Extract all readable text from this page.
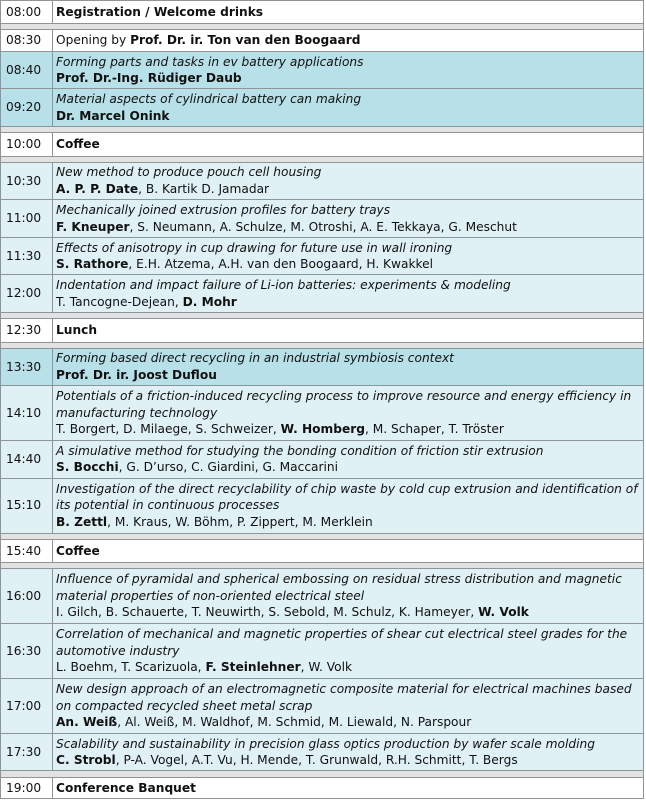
08:00	Registration / Welcome drinks

08:30	Opening by Prof. Dr. ir. Ton van den Boogaard
08:40	Forming parts and tasks in ev battery applications
Prof. Dr.-Ing. Rüdiger Daub

09:20	Material aspects of cylindrical battery can making
Dr. Marcel Onink

10:00	Coffee

10:30	New method to produce pouch cell housing
A. P. P. Date, B. Kartik D. Jamadar

11:00	Mechanically joined extrusion profiles for battery trays
F. Kneuper, S. Neumann, A. Schulze, M. Otroshi, A. E. Tekkaya, G. Meschut

11:30	Effects of anisotropy in cup drawing for future use in wall ironing
S. Rathore, E.H. Atzema, A.H. van den Boogaard, H. Kwakkel

12:00	Indentation and impact failure of Li-ion batteries: experiments & modeling
T. Tancogne-Dejean, D. Mohr

12:30	Lunch

13:30	Forming based direct recycling in an industrial symbiosis context
Prof. Dr. ir. Joost Duflou

14:10	Potentials of a friction-induced recycling process to improve resource and energy efficiency in manufacturing technology
T. Borgert, D. Milaege, S. Schweizer, W. Homberg, M. Schaper, T. Tröster

14:40	A simulative method for studying the bonding condition of friction stir extrusion
S. Bocchi, G. D’urso, C. Giardini, G. Maccarini

15:10	Investigation of the direct recyclability of chip waste by cold cup extrusion and identification of its potential in continuous processes
B. Zettl, M. Kraus, W. Böhm, P. Zippert, M. Merklein

15:40	Coffee

16:00	Influence of pyramidal and spherical embossing on residual stress distribution and magnetic material properties of non-oriented electrical steel
I. Gilch, B. Schauerte, T. Neuwirth, S. Sebold, M. Schulz, K. Hameyer, W. Volk

16:30	Correlation of mechanical and magnetic properties of shear cut electrical steel grades for the automotive industry
L. Boehm, T. Scarizuola, F. Steinlehner, W. Volk

17:00	New design approach of an electromagnetic composite material for electrical machines based on compacted recycled sheet metal scrap
An. Weiß, Al. Weiß, M. Waldhof, M. Schmid, M. Liewald, N. Parspour

17:30	Scalability and sustainability in precision glass optics production by wafer scale molding
C. Strobl, P-A. Vogel, A.T. Vu, H. Mende, T. Grunwald, R.H. Schmitt, T. Bergs

19:00	Conference Banquet
